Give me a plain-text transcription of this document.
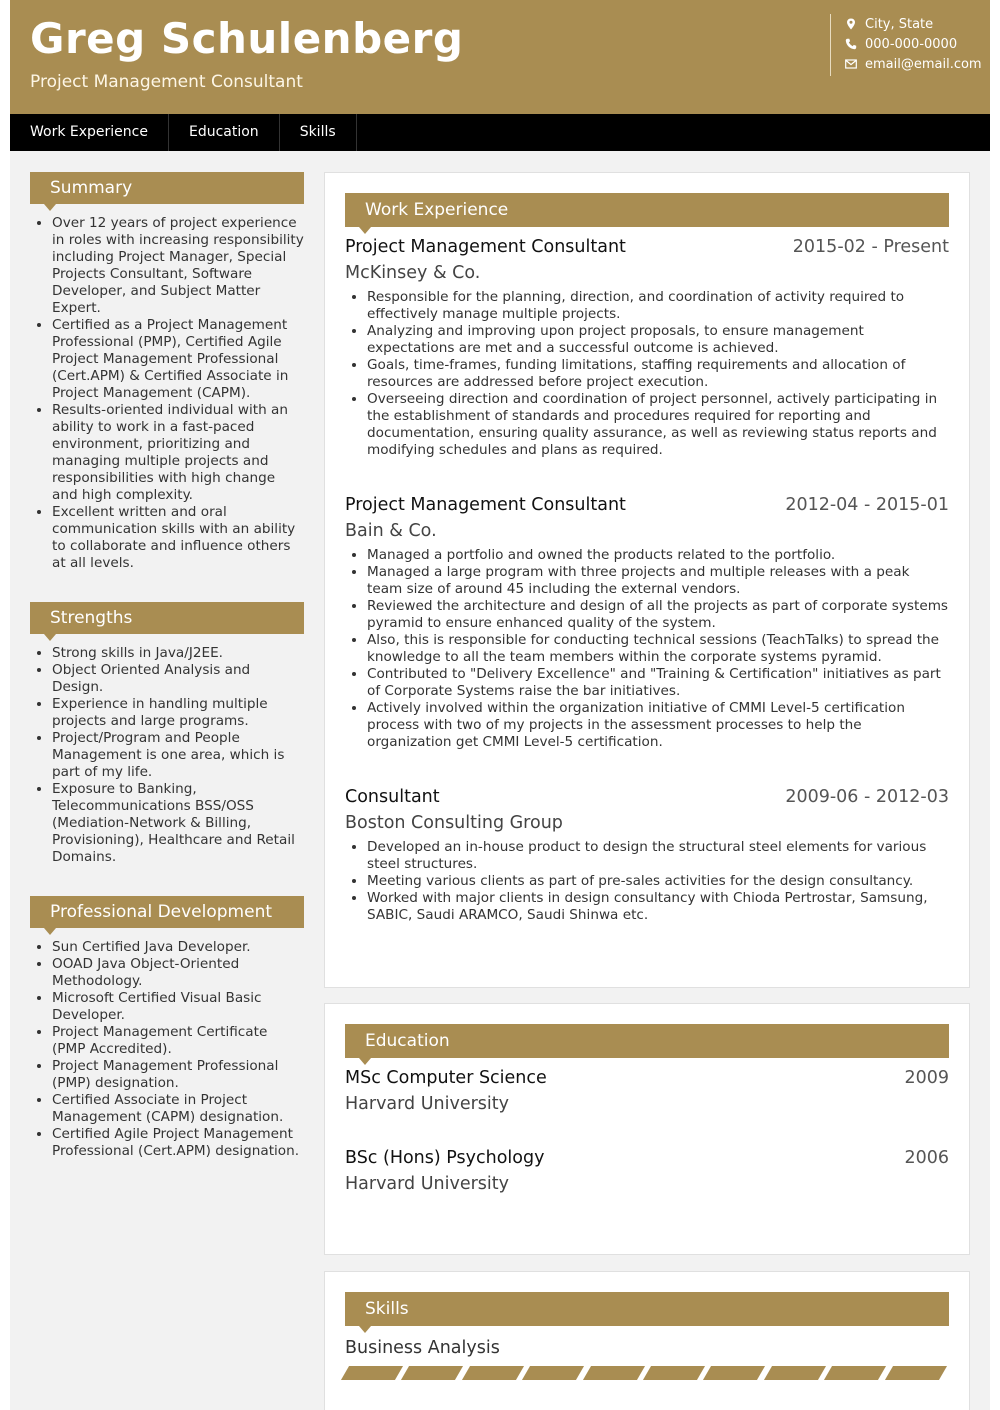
Greg Schulenberg
Project Management Consultant
City, State
000-000-0000
email@email.com
Work Experience	Education	Skills
Summary
• Over 12 years of project experience in roles with increasing responsibility including Project Manager, Special Projects Consultant, Software Developer, and Subject Matter Expert.
• Certified as a Project Management Professional (PMP), Certified Agile Project Management Professional (Cert.APM) & Certified Associate in Project Management (CAPM).
• Results-oriented individual with an ability to work in a fast-paced environment, prioritizing and managing multiple projects and responsibilities with high change and high complexity.
• Excellent written and oral communication skills with an ability to collaborate and influence others at all levels.
Strengths
• Strong skills in Java/J2EE.
• Object Oriented Analysis and Design.
• Experience in handling multiple projects and large programs.
• Project/Program and People Management is one area, which is part of my life.
• Exposure to Banking, Telecommunications BSS/OSS (Mediation-Network & Billing, Provisioning), Healthcare and Retail Domains.
Professional Development
• Sun Certified Java Developer.
• OOAD Java Object-Oriented Methodology.
• Microsoft Certified Visual Basic Developer.
• Project Management Certificate (PMP Accredited).
• Project Management Professional (PMP) designation.
• Certified Associate in Project Management (CAPM) designation.
• Certified Agile Project Management Professional (Cert.APM) designation.
Work Experience
Project Management Consultant	2015-02 - Present
McKinsey & Co.
• Responsible for the planning, direction, and coordination of activity required to effectively manage multiple projects.
• Analyzing and improving upon project proposals, to ensure management expectations are met and a successful outcome is achieved.
• Goals, time-frames, funding limitations, staffing requirements and allocation of resources are addressed before project execution.
• Overseeing direction and coordination of project personnel, actively participating in the establishment of standards and procedures required for reporting and documentation, ensuring quality assurance, as well as reviewing status reports and modifying schedules and plans as required.
Project Management Consultant	2012-04 - 2015-01
Bain & Co.
• Managed a portfolio and owned the products related to the portfolio.
• Managed a large program with three projects and multiple releases with a peak team size of around 45 including the external vendors.
• Reviewed the architecture and design of all the projects as part of corporate systems pyramid to ensure enhanced quality of the system.
• Also, this is responsible for conducting technical sessions (TeachTalks) to spread the knowledge to all the team members within the corporate systems pyramid.
• Contributed to "Delivery Excellence" and "Training & Certification" initiatives as part of Corporate Systems raise the bar initiatives.
• Actively involved within the organization initiative of CMMI Level-5 certification process with two of my projects in the assessment processes to help the organization get CMMI Level-5 certification.
Consultant	2009-06 - 2012-03
Boston Consulting Group
• Developed an in-house product to design the structural steel elements for various steel structures.
• Meeting various clients as part of pre-sales activities for the design consultancy.
• Worked with major clients in design consultancy with Chioda Pertrostar, Samsung, SABIC, Saudi ARAMCO, Saudi Shinwa etc.
Education
MSc Computer Science	2009
Harvard University
BSc (Hons) Psychology	2006
Harvard University
Skills
Business Analysis
